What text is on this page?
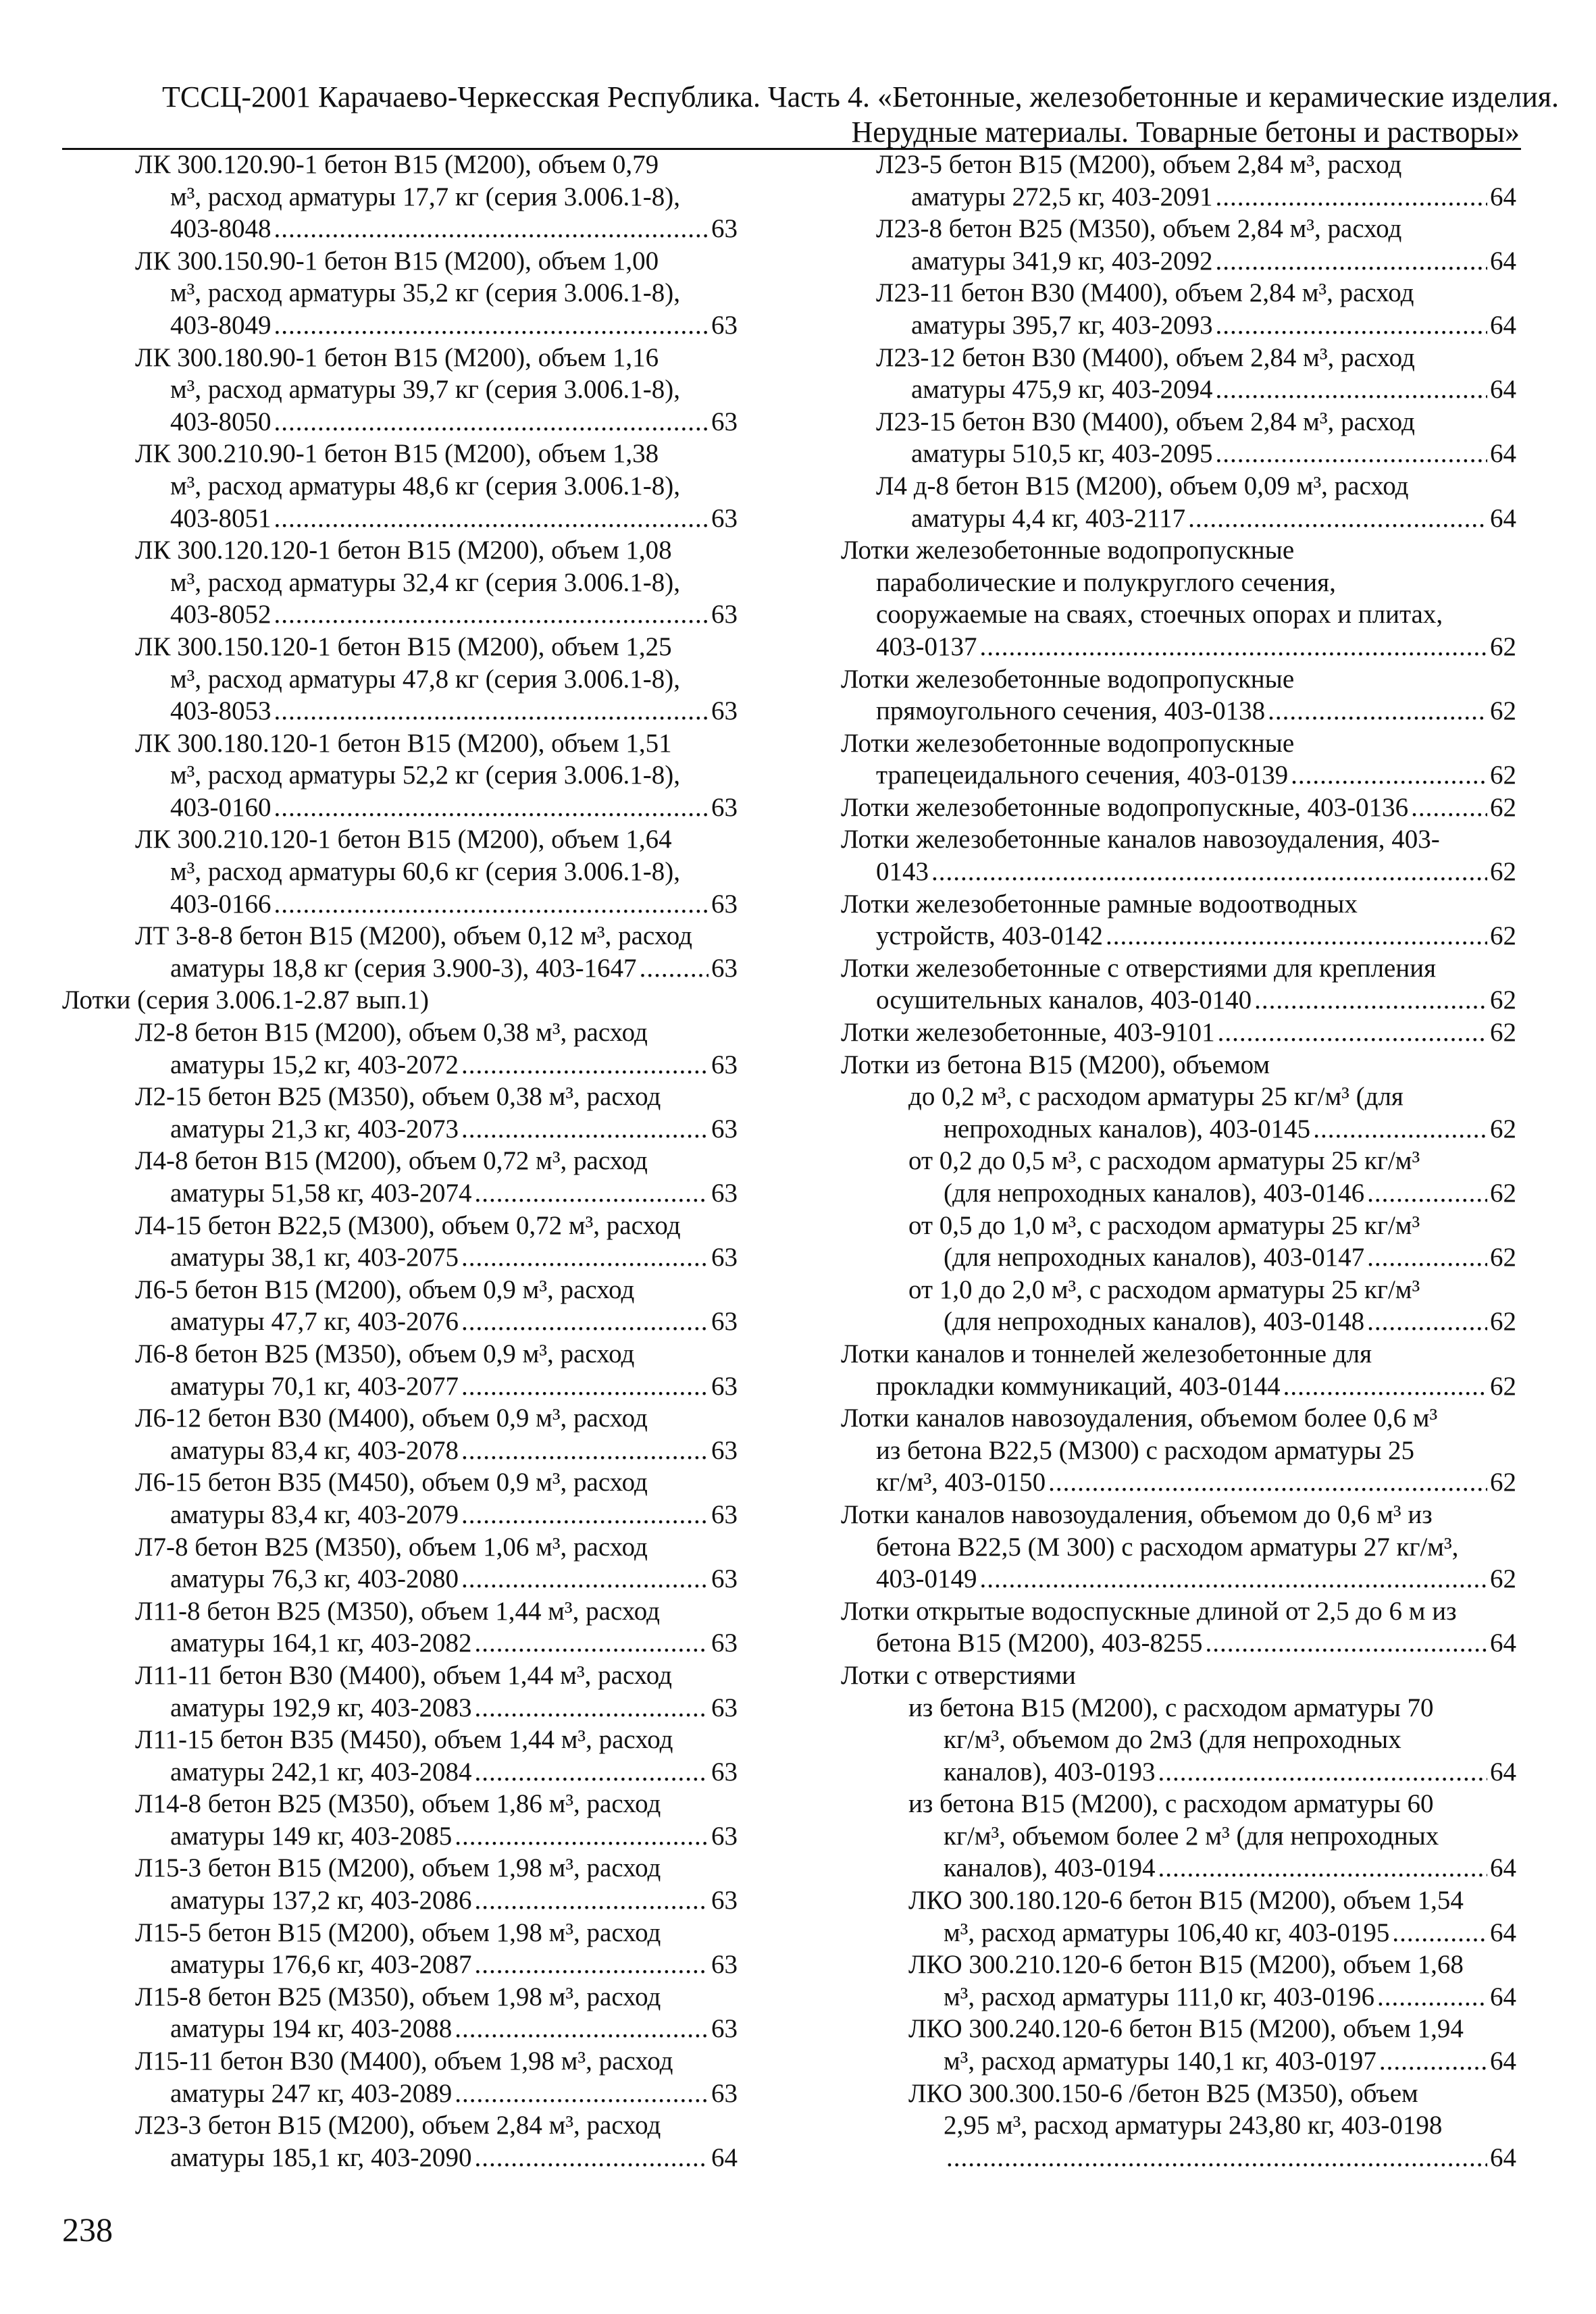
ТССЦ-2001 Карачаево-Черкесская Республика. Часть 4. «Бетонные, железобетонные и керамические изделия.
Нерудные материалы. Товарные бетоны и растворы»
ЛК 300.120.90-1 бетон В15 (М200), объем 0,79
м³, расход арматуры 17,7 кг (серия 3.006.1-8),
403-8048 .....	63
ЛК 300.150.90-1 бетон В15 (М200), объем 1,00
м³, расход арматуры 35,2 кг (серия 3.006.1-8),
403-8049 .....	63
ЛК 300.180.90-1 бетон В15 (М200), объем 1,16
м³, расход арматуры 39,7 кг (серия 3.006.1-8),
403-8050 .....	63
ЛК 300.210.90-1 бетон В15 (М200), объем 1,38
м³, расход арматуры 48,6 кг (серия 3.006.1-8),
403-8051 .....	63
ЛК 300.120.120-1 бетон В15 (М200), объем 1,08
м³, расход арматуры 32,4 кг (серия 3.006.1-8),
403-8052 .....	63
ЛК 300.150.120-1 бетон В15 (М200), объем 1,25
м³, расход арматуры 47,8 кг (серия 3.006.1-8),
403-8053 .....	63
ЛК 300.180.120-1 бетон В15 (М200), объем 1,51
м³, расход арматуры 52,2 кг (серия 3.006.1-8),
403-0160 .....	63
ЛК 300.210.120-1 бетон В15 (М200), объем 1,64
м³, расход арматуры 60,6 кг (серия 3.006.1-8),
403-0166 .....	63
ЛТ 3-8-8 бетон В15 (М200), объем 0,12 м³, расход
аматуры 18,8 кг (серия 3.900-3), 403-1647 .....	63
Лотки (серия 3.006.1-2.87 вып.1)
Л2-8 бетон В15 (М200), объем 0,38 м³, расход
аматуры 15,2 кг, 403-2072 .....	63
Л2-15 бетон В25 (М350), объем 0,38 м³, расход
аматуры 21,3 кг, 403-2073 .....	63
Л4-8 бетон В15 (М200), объем 0,72 м³, расход
аматуры 51,58 кг, 403-2074 .....	63
Л4-15 бетон В22,5 (М300), объем 0,72 м³, расход
аматуры 38,1 кг, 403-2075 .....	63
Л6-5 бетон В15 (М200), объем 0,9 м³, расход
аматуры 47,7 кг, 403-2076 .....	63
Л6-8 бетон В25 (М350), объем 0,9 м³, расход
аматуры 70,1 кг, 403-2077 .....	63
Л6-12 бетон В30 (М400), объем 0,9 м³, расход
аматуры 83,4 кг, 403-2078 .....	63
Л6-15 бетон В35 (М450), объем 0,9 м³, расход
аматуры 83,4 кг, 403-2079 .....	63
Л7-8 бетон В25 (М350), объем 1,06 м³, расход
аматуры 76,3 кг, 403-2080 .....	63
Л11-8 бетон В25 (М350), объем 1,44 м³, расход
аматуры 164,1 кг, 403-2082 .....	63
Л11-11 бетон В30 (М400), объем 1,44 м³, расход
аматуры 192,9 кг, 403-2083 .....	63
Л11-15 бетон В35 (М450), объем 1,44 м³, расход
аматуры 242,1 кг, 403-2084 .....	63
Л14-8 бетон В25 (М350), объем 1,86 м³, расход
аматуры 149 кг, 403-2085 .....	63
Л15-3 бетон В15 (М200), объем 1,98 м³, расход
аматуры 137,2 кг, 403-2086 .....	63
Л15-5 бетон В15 (М200), объем 1,98 м³, расход
аматуры 176,6 кг, 403-2087 .....	63
Л15-8 бетон В25 (М350), объем 1,98 м³, расход
аматуры 194 кг, 403-2088 .....	63
Л15-11 бетон В30 (М400), объем 1,98 м³, расход
аматуры 247 кг, 403-2089 .....	63
Л23-3 бетон В15 (М200), объем 2,84 м³, расход
аматуры 185,1 кг, 403-2090 .....	64
Л23-5 бетон В15 (М200), объем 2,84 м³, расход
аматуры 272,5 кг, 403-2091 .....	64
Л23-8 бетон В25 (М350), объем 2,84 м³, расход
аматуры 341,9 кг, 403-2092 .....	64
Л23-11 бетон В30 (М400), объем 2,84 м³, расход
аматуры 395,7 кг, 403-2093 .....	64
Л23-12 бетон В30 (М400), объем 2,84 м³, расход
аматуры 475,9 кг, 403-2094 .....	64
Л23-15 бетон В30 (М400), объем 2,84 м³, расход
аматуры 510,5 кг, 403-2095 .....	64
Л4 д-8 бетон В15 (М200), объем 0,09 м³, расход
аматуры 4,4 кг, 403-2117 .....	64
Лотки железобетонные водопропускные
параболические и полукруглого сечения,
сооружаемые на сваях, стоечных опорах и плитах,
403-0137 .....	62
Лотки железобетонные водопропускные
прямоугольного сечения, 403-0138 .....	62
Лотки железобетонные водопропускные
трапецеидального сечения, 403-0139 .....	62
Лотки железобетонные водопропускные, 403-0136 .....	62
Лотки железобетонные каналов навозоудаления, 403-
0143 .....	62
Лотки железобетонные рамные водоотводных
устройств, 403-0142 .....	62
Лотки железобетонные с отверстиями для крепления
осушительных каналов, 403-0140 .....	62
Лотки железобетонные, 403-9101 .....	62
Лотки из бетона В15 (М200), объемом
до 0,2 м³, с расходом арматуры 25 кг/м³ (для
непроходных каналов), 403-0145 .....	62
от 0,2 до 0,5 м³, с расходом арматуры 25 кг/м³
(для непроходных каналов), 403-0146 .....	62
от 0,5 до 1,0 м³, с расходом арматуры 25 кг/м³
(для непроходных каналов), 403-0147 .....	62
от 1,0 до 2,0 м³, с расходом арматуры 25 кг/м³
(для непроходных каналов), 403-0148 .....	62
Лотки каналов и тоннелей железобетонные для
прокладки коммуникаций, 403-0144 .....	62
Лотки каналов навозоудаления, объемом более 0,6 м³
из бетона В22,5 (М300) с расходом арматуры 25
кг/м³, 403-0150 .....	62
Лотки каналов навозоудаления, объемом до 0,6 м³ из
бетона В22,5 (М 300) с расходом арматуры 27 кг/м³,
403-0149 .....	62
Лотки открытые водоспускные длиной от 2,5 до 6 м из
бетона В15 (М200), 403-8255 .....	64
Лотки с отверстиями
из бетона В15 (М200), с расходом арматуры 70
кг/м³, объемом до 2м3 (для непроходных
каналов), 403-0193 .....	64
из бетона В15 (М200), с расходом арматуры 60
кг/м³, объемом более 2 м³ (для непроходных
каналов), 403-0194 .....	64
ЛКО 300.180.120-6 бетон В15 (М200), объем 1,54
м³, расход арматуры 106,40 кг, 403-0195 .....	64
ЛКО 300.210.120-6 бетон В15 (М200), объем 1,68
м³, расход арматуры 111,0 кг, 403-0196 .....	64
ЛКО 300.240.120-6 бетон В15 (М200), объем 1,94
м³, расход арматуры 140,1 кг, 403-0197 .....	64
ЛКО 300.300.150-6 /бетон В25 (М350), объем
2,95 м³, расход арматуры 243,80 кг, 403-0198
.....
64
238
